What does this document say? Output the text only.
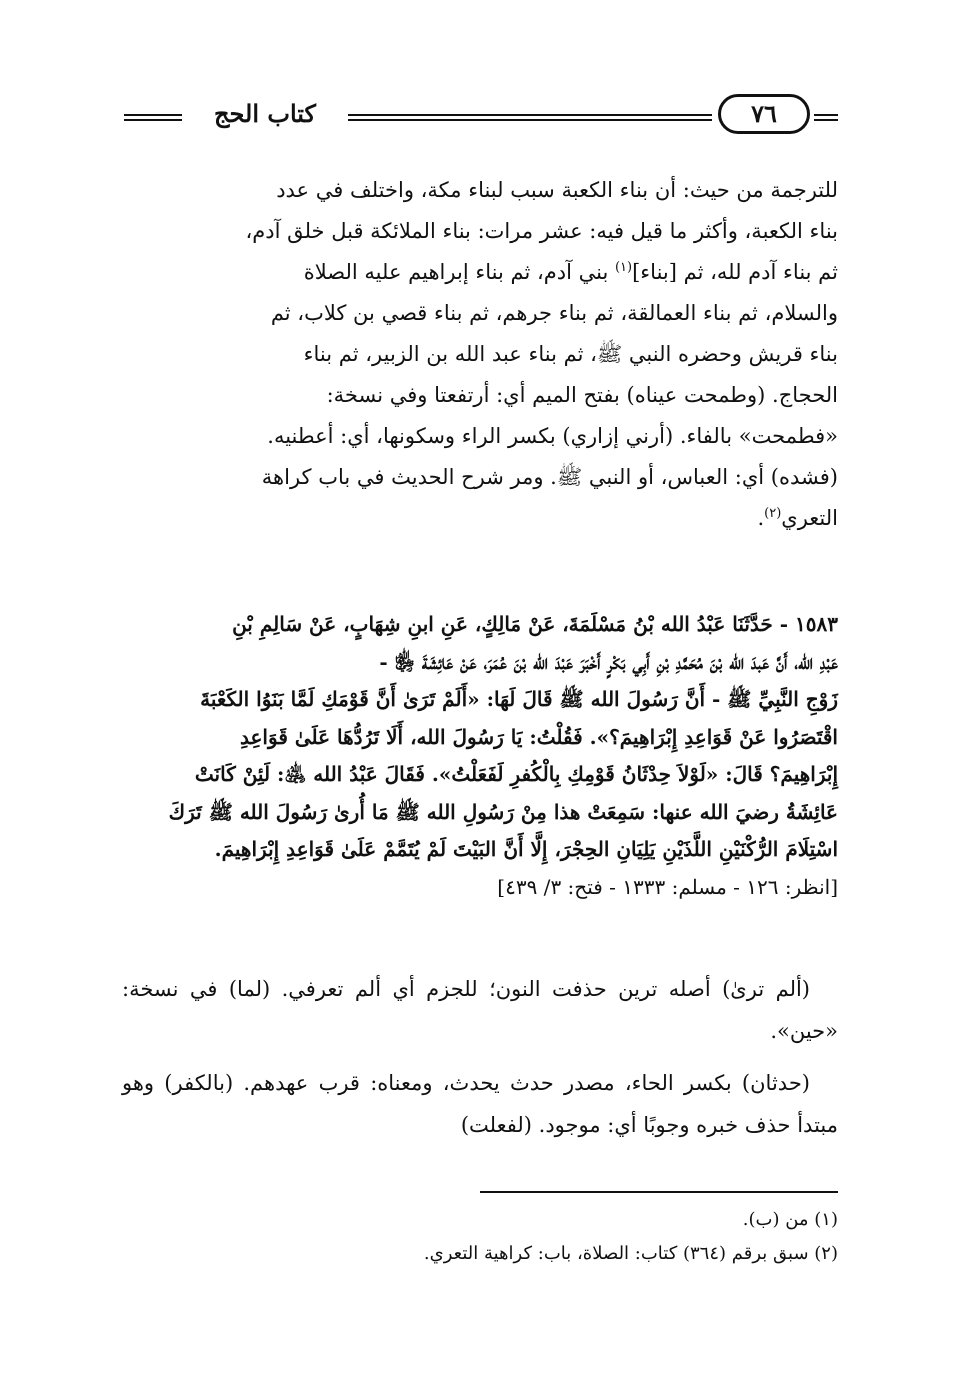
كتاب الحج	٧٦
للترجمة من حيث: أن بناء الكعبة سبب لبناء مكة، واختلف في عدد
بناء الكعبة، وأكثر ما قيل فيه: عشر مرات: بناء الملائكة قبل خلق آدم،
ثم بناء آدم لله، ثم [بناء]$^{(١)}$ بني آدم، ثم بناء إبراهيم عليه الصلاة
والسلام، ثم بناء العمالقة، ثم بناء جرهم، ثم بناء قصي بن كلاب، ثم
بناء قريش وحضره النبي ﷺ، ثم بناء عبد الله بن الزبير، ثم بناء
الحجاج. (وطمحت عيناه) بفتح الميم أي: أرتفعتا وفي نسخة:
«فطمحت» بالفاء. (أرني إزاري) بكسر الراء وسكونها، أي: أعطنيه.
(فشده) أي: العباس، أو النبي ﷺ. ومر شرح الحديث في باب كراهة
التعري$^{(٢)}$.
١٥٨٣ - حَدَّثَنَا عَبْدُ الله بْنُ مَسْلَمَةَ، عَنْ مَالِكٍ، عَنِ ابنِ شِهَابٍ، عَنْ سَالِمِ بْنِ
عَبْدِ الله، أَنَّ عَبدَ الله بْنَ مُحَمَّدِ بْنِ أَبِي بَكْرٍ أَخْبَرَ عَبْدَ الله بْنَ عُمَرَ، عَنْ عَائِشَةَ ﵂ -
زَوْجِ النَّبِيِّ ﷺ - أَنَّ رَسُولَ الله ﷺ قَالَ لَهَا: «أَلَمْ تَرَىٰ أَنَّ قَوْمَكِ لَمَّا بَنَوُا الكَعْبَةَ
اقْتَصَرُوا عَنْ قَوَاعِدِ إِبْرَاهِيمَ؟». فَقُلْتُ: يَا رَسُولَ الله، أَلَا تَرُدُّهَا عَلَىٰ قَوَاعِدِ
إِبْرَاهِيمَ؟ قَالَ: «لَوْلاَ حِدْثَانُ قَوْمِكِ بِالْكُفرِ لَفَعَلْتُ». فَقَالَ عَبْدُ الله ﵁: لَئِنْ كَانَتْ
عَائِشَةُ رضيَ الله عنها: سَمِعَتْ هذا مِنْ رَسُولِ الله ﷺ مَا أُرىٰ رَسُولَ الله ﷺ تَرَكَ
اسْتِلَامَ الرُّكْنَيْنِ اللَّذَيْنِ يَلِيَانِ الحِجْرَ، إِلَّا أَنَّ البَيْتَ لَمْ يُتَمَّمْ عَلَىٰ قَوَاعِدِ إِبْرَاهِيمَ.
[انظر: ١٢٦ - مسلم: ١٣٣٣ - فتح: ٣/ ٤٣٩]

(ألم ترىٰ) أصله ترين حذفت النون؛ للجزم أي ألم تعرفي. (لما) في نسخة: «حين».

(حدثان) بكسر الحاء، مصدر حدث يحدث، ومعناه: قرب عهدهم. (بالكفر) وهو مبتدأ حذف خبره وجوبًا أي: موجود. (لفعلت)

(١) من (ب).
(٢) سبق برقم (٣٦٤) كتاب: الصلاة، باب: كراهية التعري.
